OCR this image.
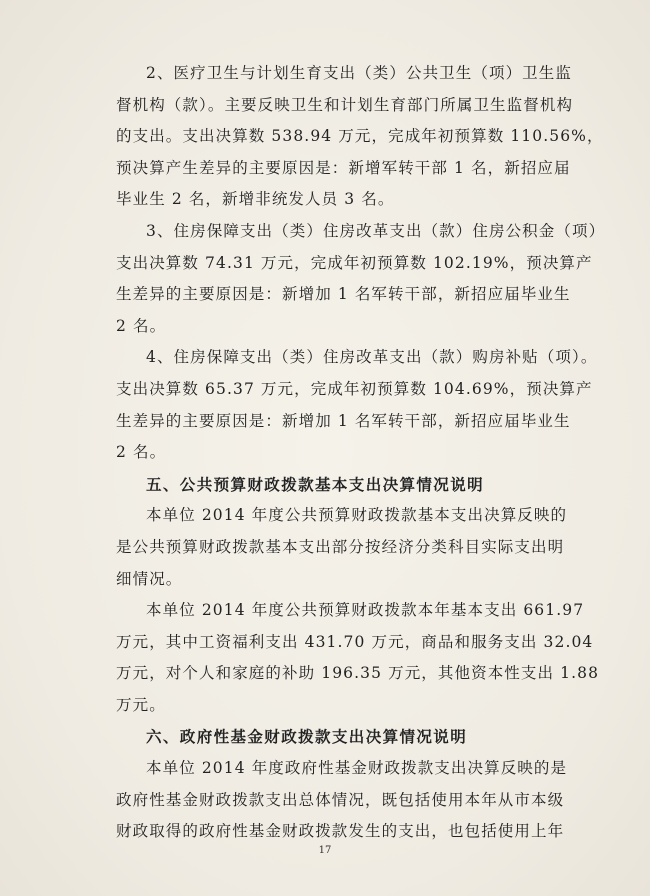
2、医疗卫生与计划生育支出（类）公共卫生（项）卫生监
督机构（款）。主要反映卫生和计划生育部门所属卫生监督机构
的支出。支出决算数 538.94 万元，完成年初预算数 110.56%，
预决算产生差异的主要原因是：新增军转干部 1 名，新招应届
毕业生 2 名，新增非统发人员 3 名。
3、住房保障支出（类）住房改革支出（款）住房公积金（项）
支出决算数 74.31 万元，完成年初预算数 102.19%，预决算产
生差异的主要原因是：新增加 1 名军转干部，新招应届毕业生
2 名。
4、住房保障支出（类）住房改革支出（款）购房补贴（项）。
支出决算数 65.37 万元，完成年初预算数 104.69%，预决算产
生差异的主要原因是：新增加 1 名军转干部，新招应届毕业生
2 名。
五、公共预算财政拨款基本支出决算情况说明
本单位 2014 年度公共预算财政拨款基本支出决算反映的
是公共预算财政拨款基本支出部分按经济分类科目实际支出明
细情况。
本单位 2014 年度公共预算财政拨款本年基本支出 661.97
万元，其中工资福利支出 431.70 万元，商品和服务支出 32.04
万元，对个人和家庭的补助 196.35 万元，其他资本性支出 1.88
万元。
六、政府性基金财政拨款支出决算情况说明
本单位 2014 年度政府性基金财政拨款支出决算反映的是
政府性基金财政拨款支出总体情况，既包括使用本年从市本级
财政取得的政府性基金财政拨款发生的支出，也包括使用上年
17
